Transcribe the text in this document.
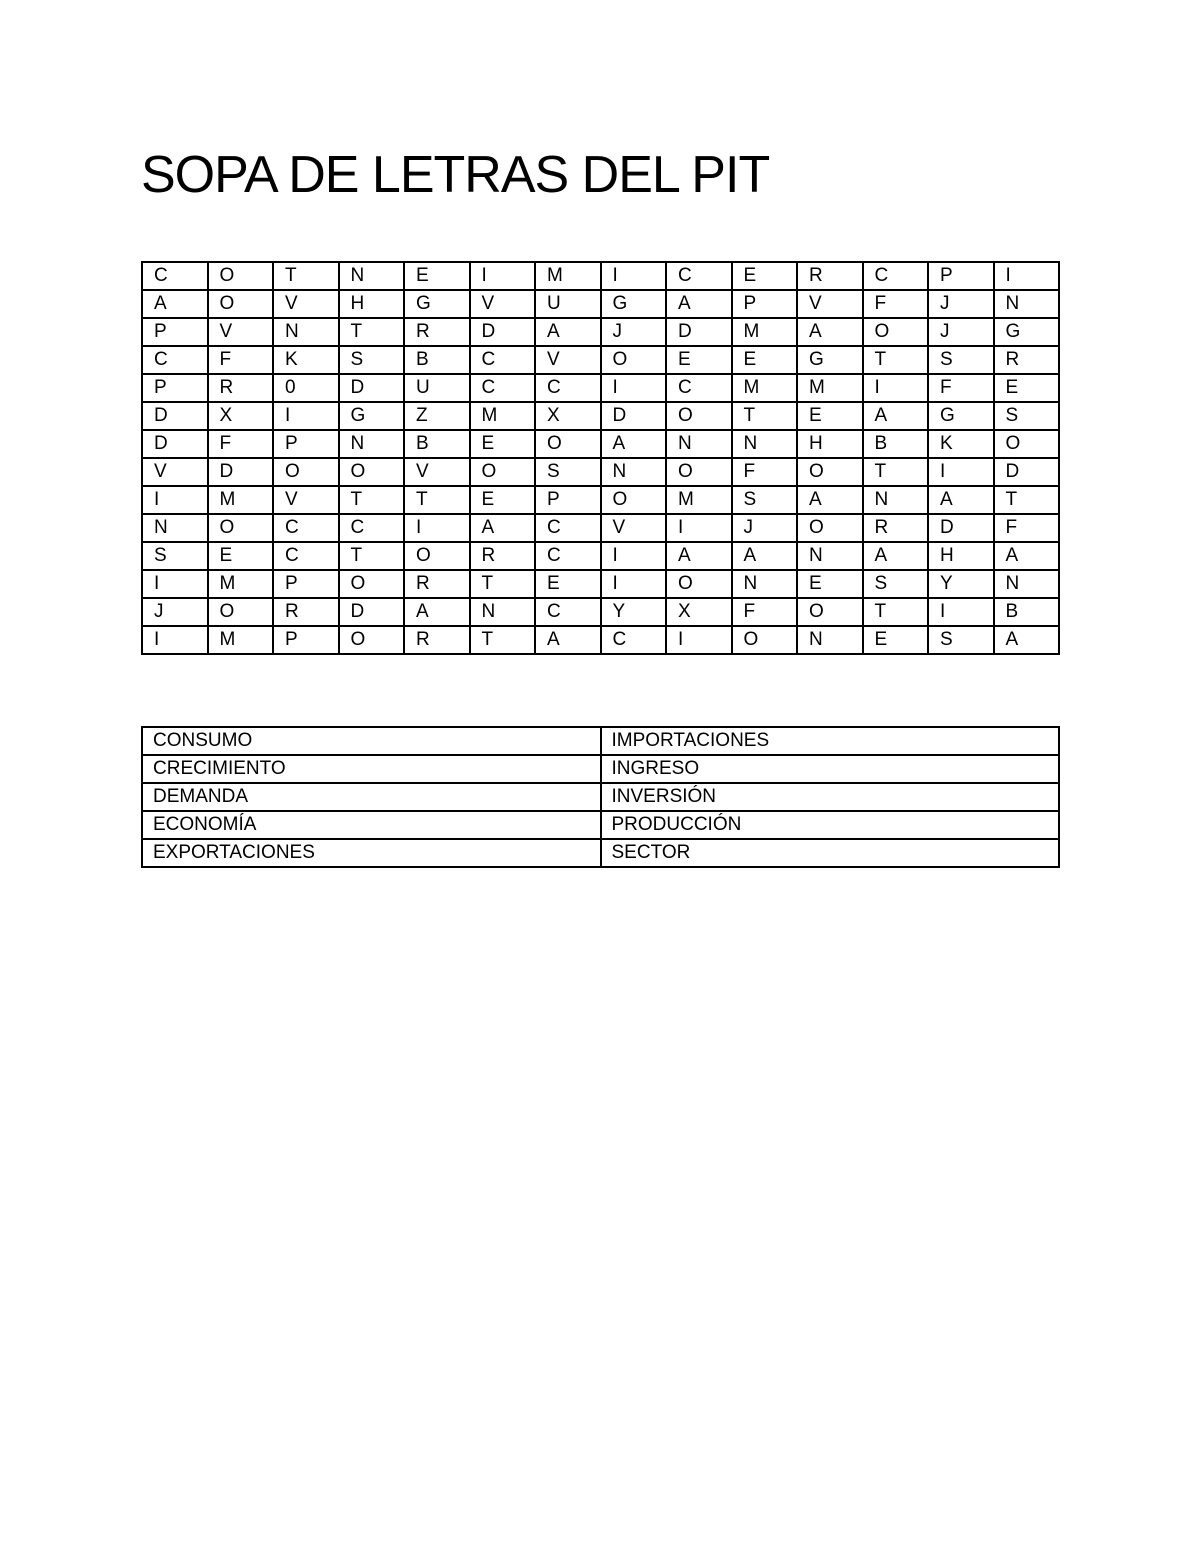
SOPA DE LETRAS DEL PIT
C	O	T	N	E	I	M	I	C	E	R	C	P	I
A	O	V	H	G	V	U	G	A	P	V	F	J	N
P	V	N	T	R	D	A	J	D	M	A	O	J	G
C	F	K	S	B	C	V	O	E	E	G	T	S	R
P	R	0	D	U	C	C	I	C	M	M	I	F	E
D	X	I	G	Z	M	X	D	O	T	E	A	G	S
D	F	P	N	B	E	O	A	N	N	H	B	K	O
V	D	O	O	V	O	S	N	O	F	O	T	I	D
I	M	V	T	T	E	P	O	M	S	A	N	A	T
N	O	C	C	I	A	C	V	I	J	O	R	D	F
S	E	C	T	O	R	C	I	A	A	N	A	H	A
I	M	P	O	R	T	E	I	O	N	E	S	Y	N
J	O	R	D	A	N	C	Y	X	F	O	T	I	B
I	M	P	O	R	T	A	C	I	O	N	E	S	A
CONSUMO	IMPORTACIONES
CRECIMIENTO	INGRESO
DEMANDA	INVERSIÓN
ECONOMÍA	PRODUCCIÓN
EXPORTACIONES	SECTOR
